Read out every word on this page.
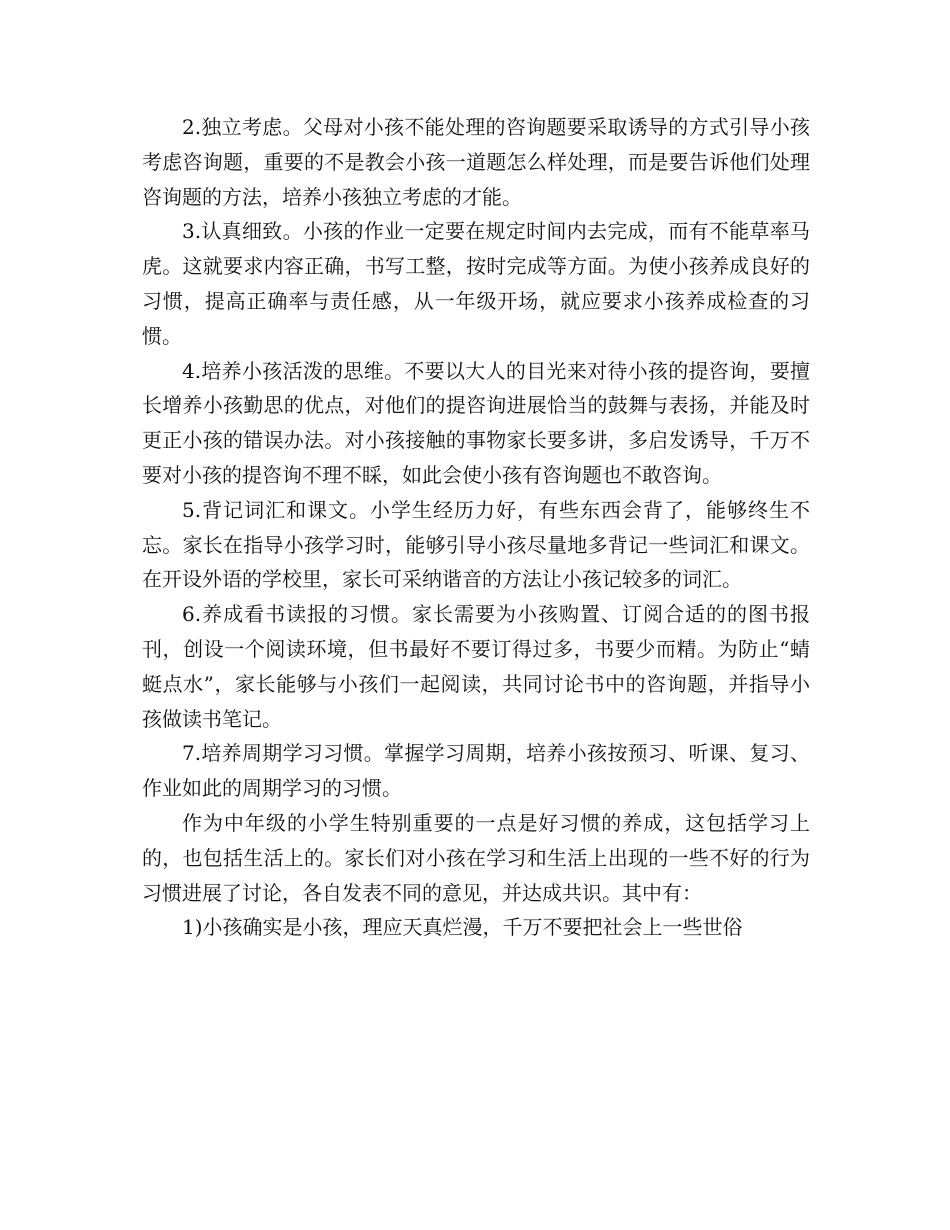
2.独立考虑。父母对小孩不能处理的咨询题要采取诱导的方式引导小孩考虑咨询题，重要的不是教会小孩一道题怎么样处理，而是要告诉他们处理咨询题的方法，培养小孩独立考虑的才能。

3.认真细致。小孩的作业一定要在规定时间内去完成，而有不能草率马虎。这就要求内容正确，书写工整，按时完成等方面。为使小孩养成良好的习惯，提高正确率与责任感，从一年级开场，就应要求小孩养成检查的习惯。

4.培养小孩活泼的思维。不要以大人的目光来对待小孩的提咨询，要擅长增养小孩勤思的优点，对他们的提咨询进展恰当的鼓舞与表扬，并能及时更正小孩的错误办法。对小孩接触的事物家长要多讲，多启发诱导，千万不要对小孩的提咨询不理不睬，如此会使小孩有咨询题也不敢咨询。

5.背记词汇和课文。小学生经历力好，有些东西会背了，能够终生不忘。家长在指导小孩学习时，能够引导小孩尽量地多背记一些词汇和课文。在开设外语的学校里，家长可采纳谐音的方法让小孩记较多的词汇。

6.养成看书读报的习惯。家长需要为小孩购置、订阅合适的的图书报刊，创设一个阅读环境，但书最好不要订得过多，书要少而精。为防止“蜻蜓点水”，家长能够与小孩们一起阅读，共同讨论书中的咨询题，并指导小孩做读书笔记。

7.培养周期学习习惯。掌握学习周期，培养小孩按预习、听课、复习、作业如此的周期学习的习惯。

作为中年级的小学生特别重要的一点是好习惯的养成，这包括学习上的，也包括生活上的。家长们对小孩在学习和生活上出现的一些不好的行为习惯进展了讨论，各自发表不同的意见，并达成共识。其中有：

1)小孩确实是小孩，理应天真烂漫，千万不要把社会上一些世俗
